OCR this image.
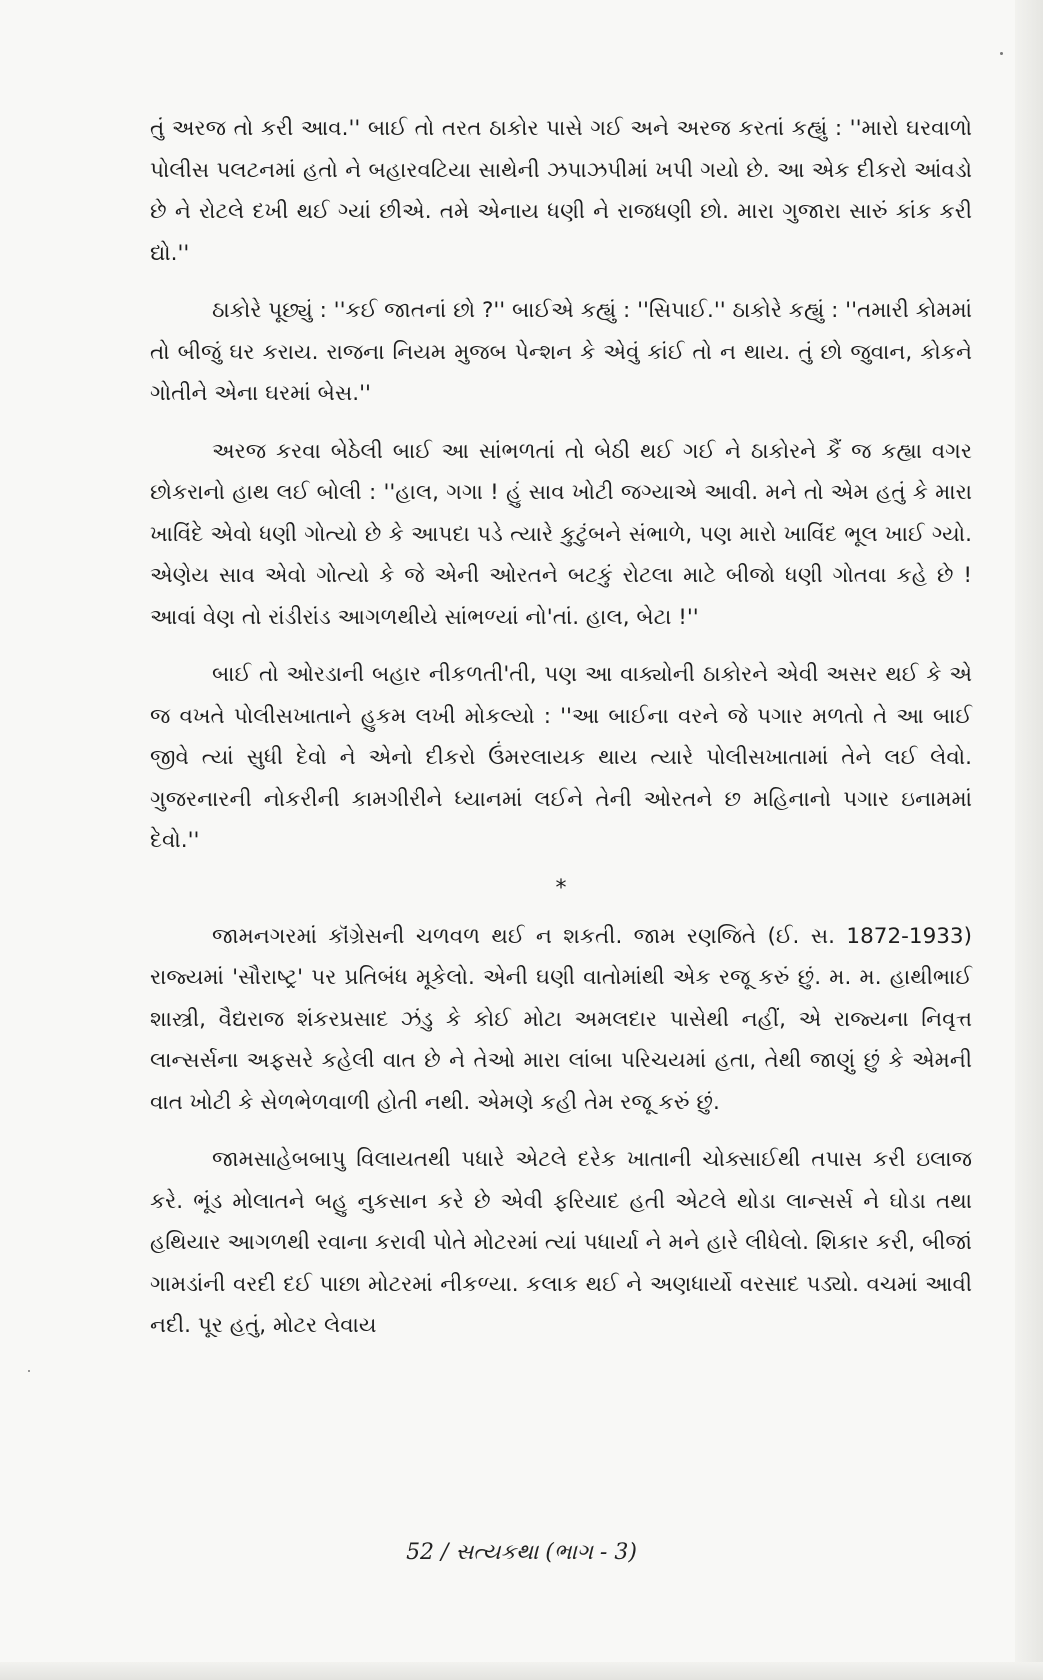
તું અરજ તો કરી આવ.'' બાઈ તો તરત ઠાકોર પાસે ગઈ અને અરજ કરતાં કહ્યું : ''મારો ઘરવાળો પોલીસ પલટનમાં હતો ને બહારવટિયા સાથેની ઝપાઝપીમાં ખપી ગયો છે. આ એક દીકરો આંવડો છે ને રોટલે દખી થઈ ગ્યાં છીએ. તમે એનાય ધણી ને રાજધણી છો. મારા ગુજારા સારું કાંક કરી દ્યો.''

ઠાકોરે પૂછ્યું : ''કઈ જાતનાં છો ?'' બાઈએ કહ્યું : ''સિપાઈ.'' ઠાકોરે કહ્યું : ''તમારી કોમમાં તો બીજું ઘર કરાય. રાજના નિયમ મુજબ પેન્શન કે એવું કાંઈ તો ન થાય. તું છો જુવાન, કોકને ગોતીને એના ઘરમાં બેસ.''

અરજ કરવા બેઠેલી બાઈ આ સાંભળતાં તો બેઠી થઈ ગઈ ને ઠાકોરને કૈં જ કહ્યા વગર છોકરાનો હાથ લઈ બોલી : ''હાલ, ગગા ! હું સાવ ખોટી જગ્યાએ આવી. મને તો એમ હતું કે મારા ખાવિંદે એવો ધણી ગોત્યો છે કે આપદા પડે ત્યારે કુટુંબને સંભાળે, પણ મારો ખાવિંદ ભૂલ ખાઈ ગ્યો. એણેય સાવ એવો ગોત્યો કે જે એની ઓરતને બટકું રોટલા માટે બીજો ધણી ગોતવા કહે છે ! આવાં વેણ તો રાંડીરાંડ આગળથીયે સાંભળ્યાં નો'તાં. હાલ, બેટા !''

બાઈ તો ઓરડાની બહાર નીકળતી'તી, પણ આ વાક્યોની ઠાકોરને એવી અસર થઈ કે એ જ વખતે પોલીસખાતાને હુકમ લખી મોકલ્યો : ''આ બાઈના વરને જે પગાર મળતો તે આ બાઈ જીવે ત્યાં સુધી દેવો ને એનો દીકરો ઉંમરલાયક થાય ત્યારે પોલીસખાતામાં તેને લઈ લેવો. ગુજરનારની નોકરીની કામગીરીને ધ્યાનમાં લઈને તેની ઓરતને છ મહિનાનો પગાર ઇનામમાં દેવો.''

*

જામનગરમાં કૉંગ્રેસની ચળવળ થઈ ન શકતી. જામ રણજિતે (ઈ. સ. 1872-1933) રાજ્યમાં 'સૌરાષ્ટ્ર' પર પ્રતિબંધ મૂકેલો. એની ઘણી વાતોમાંથી એક રજૂ કરું છું. મ. મ. હાથીભાઈ શાસ્ત્રી, વૈદ્યરાજ શંકરપ્રસાદ ઝંડુ કે કોઈ મોટા અમલદાર પાસેથી નહીં, એ રાજ્યના નિવૃત્ત લાન્સર્સના અફસરે કહેલી વાત છે ને તેઓ મારા લાંબા પરિચયમાં હતા, તેથી જાણું છું કે એમની વાત ખોટી કે સેળભેળવાળી હોતી નથી. એમણે કહી તેમ રજૂ કરું છું.

જામસાહેબબાપુ વિલાયતથી પધારે એટલે દરેક ખાતાની ચોક્સાઈથી તપાસ કરી ઇલાજ કરે. ભૂંડ મોલાતને બહુ નુકસાન કરે છે એવી ફરિયાદ હતી એટલે થોડા લાન્સર્સ ને ઘોડા તથા હથિયાર આગળથી રવાના કરાવી પોતે મોટરમાં ત્યાં પધાર્યા ને મને હારે લીધેલો. શિકાર કરી, બીજાં ગામડાંની વરદી દઈ પાછા મોટરમાં નીકળ્યા. કલાક થઈ ને અણધાર્યો વરસાદ પડ્યો. વચમાં આવી નદી. પૂર હતું, મોટર લેવાય

52 / સત્યકથા (ભાગ - 3)
